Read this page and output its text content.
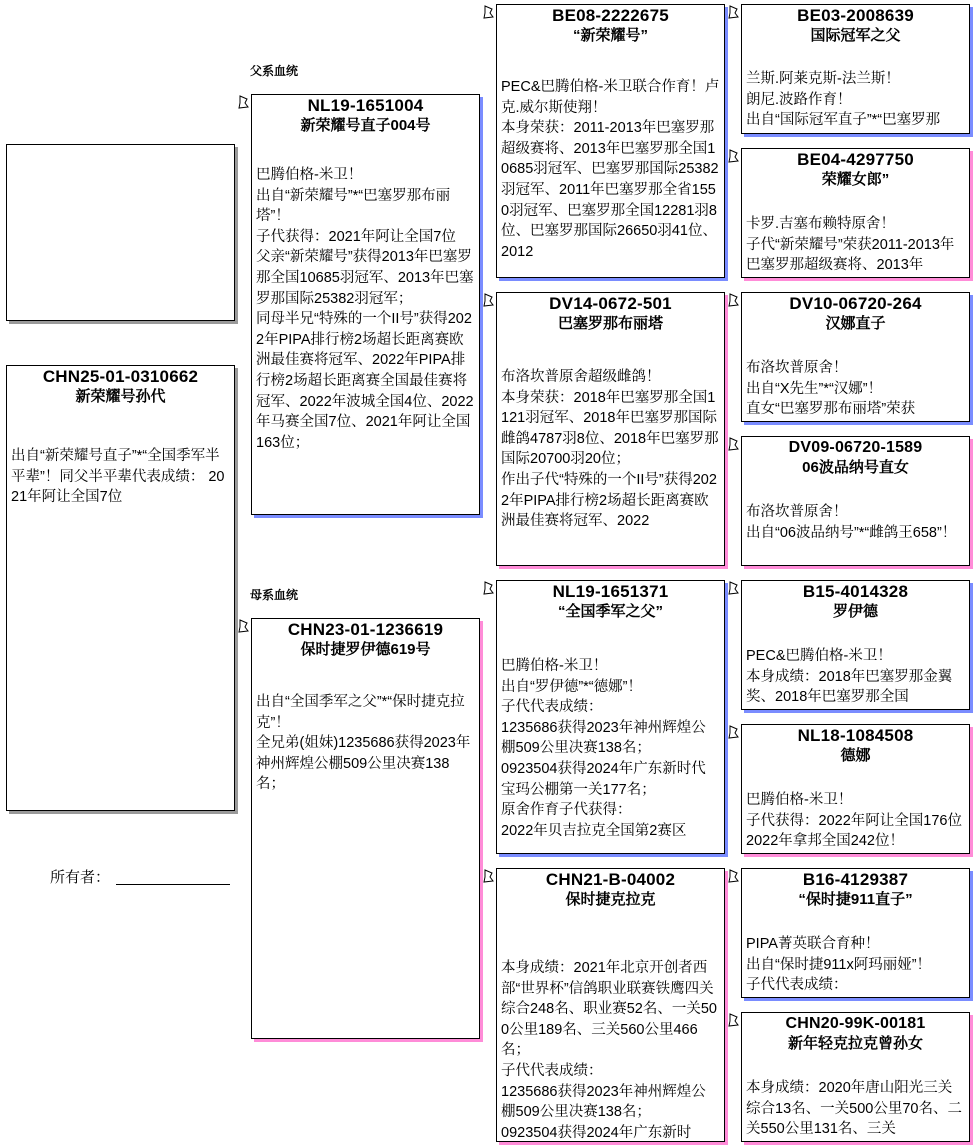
CHN25-01-0310662
新荣耀号孙代
出自“新荣耀号直子”*“全国季军半平辈”！同父半平辈代表成绩： 2021年阿让全国7位
所有者：
父系血统
母系血统
NL19-1651004
新荣耀号直子004号
巴腾伯格-米卫！
出自“新荣耀号”*“巴塞罗那布丽塔”！
子代获得：2021年阿让全国7位
父亲“新荣耀号”获得2013年巴塞罗那全国10685羽冠军、2013年巴塞罗那国际25382羽冠军；
同母半兄“特殊的一个II号”获得2022年PIPA排行榜2场超长距离赛欧洲最佳赛将冠军、2022年PIPA排行榜2场超长距离赛全国最佳赛将冠军、2022年波城全国4位、2022年马赛全国7位、2021年阿让全国163位；
CHN23-01-1236619
保时捷罗伊德619号
出自“全国季军之父”*“保时捷克拉克”！
全兄弟(姐妹)1235686获得2023年神州辉煌公棚509公里决赛138名；
BE08-2222675
“新荣耀号”
PEC&巴腾伯格-米卫联合作育！卢克.威尔斯使翔！
本身荣获：2011-2013年巴塞罗那超级赛将、2013年巴塞罗那全国10685羽冠军、巴塞罗那国际25382羽冠军、2011年巴塞罗那全省1550羽冠军、巴塞罗那全国12281羽8位、巴塞罗那国际26650羽41位、2012
DV14-0672-501
巴塞罗那布丽塔
布洛坎普原舍超级雌鸽！
本身荣获：2018年巴塞罗那全国1121羽冠军、2018年巴塞罗那国际雌鸽4787羽8位、2018年巴塞罗那国际20700羽20位；
作出子代“特殊的一个II号”获得2022年PIPA排行榜2场超长距离赛欧洲最佳赛将冠军、2022
NL19-1651371
“全国季军之父”
巴腾伯格-米卫！
出自“罗伊德”*“德娜”！
子代代表成绩：
1235686获得2023年神州辉煌公棚509公里决赛138名；
0923504获得2024年广东新时代宝玛公棚第一关177名；
原舍作育子代获得：
2022年贝吉拉克全国第2赛区
CHN21-B-04002
保时捷克拉克
本身成绩：2021年北京开创者西部“世界杯”信鸽职业联赛铁鹰四关综合248名、职业赛52名、一关500公里189名、三关560公里466名；
子代代表成绩：
1235686获得2023年神州辉煌公棚509公里决赛138名；
0923504获得2024年广东新时
BE03-2008639
国际冠军之父
兰斯.阿莱克斯-法兰斯！
朗尼.波路作育！
出自“国际冠军直子”*“巴塞罗那
BE04-4297750
荣耀女郎”
卡罗.吉塞布赖特原舍！
子代“新荣耀号”荣获2011-2013年巴塞罗那超级赛将、2013年
DV10-06720-264
汉娜直子
布洛坎普原舍！
出自“X先生”*“汉娜”！
直女“巴塞罗那布丽塔”荣获
DV09-06720-1589
06波品纳号直女
布洛坎普原舍！
出自“06波品纳号”*“雌鸽王658”！
B15-4014328
罗伊德
PEC&巴腾伯格-米卫！
本身成绩：2018年巴塞罗那金翼奖、2018年巴塞罗那全国
NL18-1084508
德娜
巴腾伯格-米卫！
子代获得：2022年阿让全国176位2022年拿邦全国242位！
B16-4129387
“保时捷911直子”
PIPA菁英联合育种！
出自“保时捷911x阿玛丽娅”！
子代代表成绩：
CHN20-99K-00181
新年轻克拉克曾孙女
本身成绩：2020年唐山阳光三关综合13名、一关500公里70名、二关550公里131名、三关
